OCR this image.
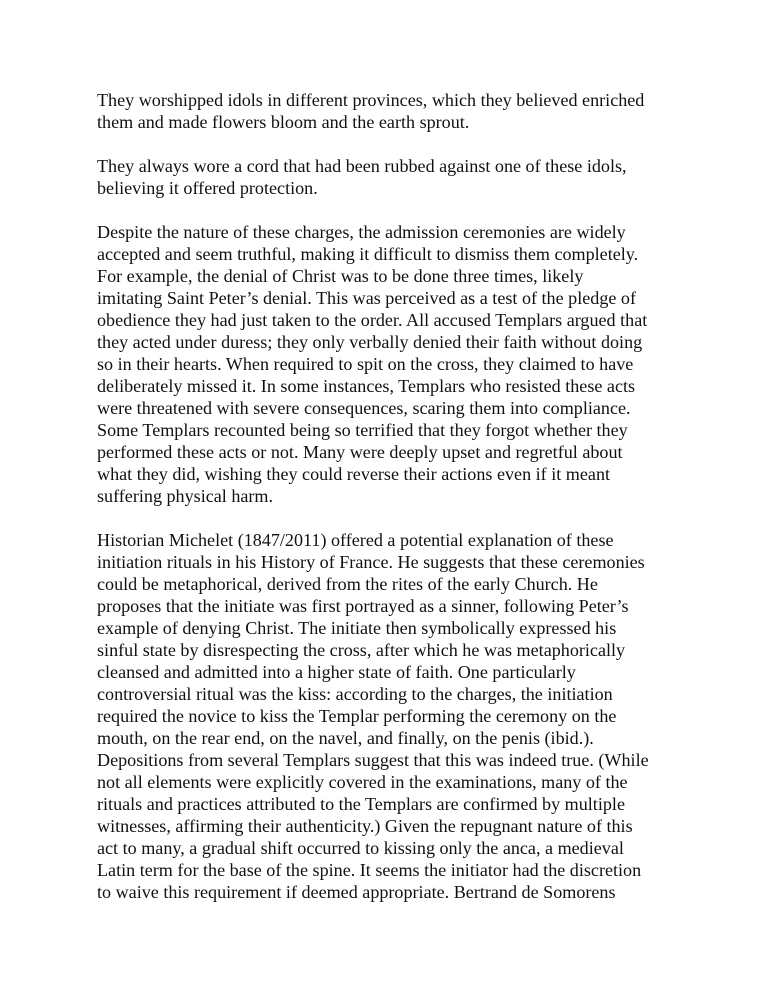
They worshipped idols in different provinces, which they believed enriched
them and made flowers bloom and the earth sprout.

They always wore a cord that had been rubbed against one of these idols,
believing it offered protection.

Despite the nature of these charges, the admission ceremonies are widely
accepted and seem truthful, making it difficult to dismiss them completely.
For example, the denial of Christ was to be done three times, likely
imitating Saint Peter’s denial. This was perceived as a test of the pledge of
obedience they had just taken to the order. All accused Templars argued that
they acted under duress; they only verbally denied their faith without doing
so in their hearts. When required to spit on the cross, they claimed to have
deliberately missed it. In some instances, Templars who resisted these acts
were threatened with severe consequences, scaring them into compliance.
Some Templars recounted being so terrified that they forgot whether they
performed these acts or not. Many were deeply upset and regretful about
what they did, wishing they could reverse their actions even if it meant
suffering physical harm.

Historian Michelet (1847/2011) offered a potential explanation of these
initiation rituals in his History of France. He suggests that these ceremonies
could be metaphorical, derived from the rites of the early Church. He
proposes that the initiate was first portrayed as a sinner, following Peter’s
example of denying Christ. The initiate then symbolically expressed his
sinful state by disrespecting the cross, after which he was metaphorically
cleansed and admitted into a higher state of faith. One particularly
controversial ritual was the kiss: according to the charges, the initiation
required the novice to kiss the Templar performing the ceremony on the
mouth, on the rear end, on the navel, and finally, on the penis (ibid.).
Depositions from several Templars suggest that this was indeed true. (While
not all elements were explicitly covered in the examinations, many of the
rituals and practices attributed to the Templars are confirmed by multiple
witnesses, affirming their authenticity.) Given the repugnant nature of this
act to many, a gradual shift occurred to kissing only the anca, a medieval
Latin term for the base of the spine. It seems the initiator had the discretion
to waive this requirement if deemed appropriate. Bertrand de Somorens
